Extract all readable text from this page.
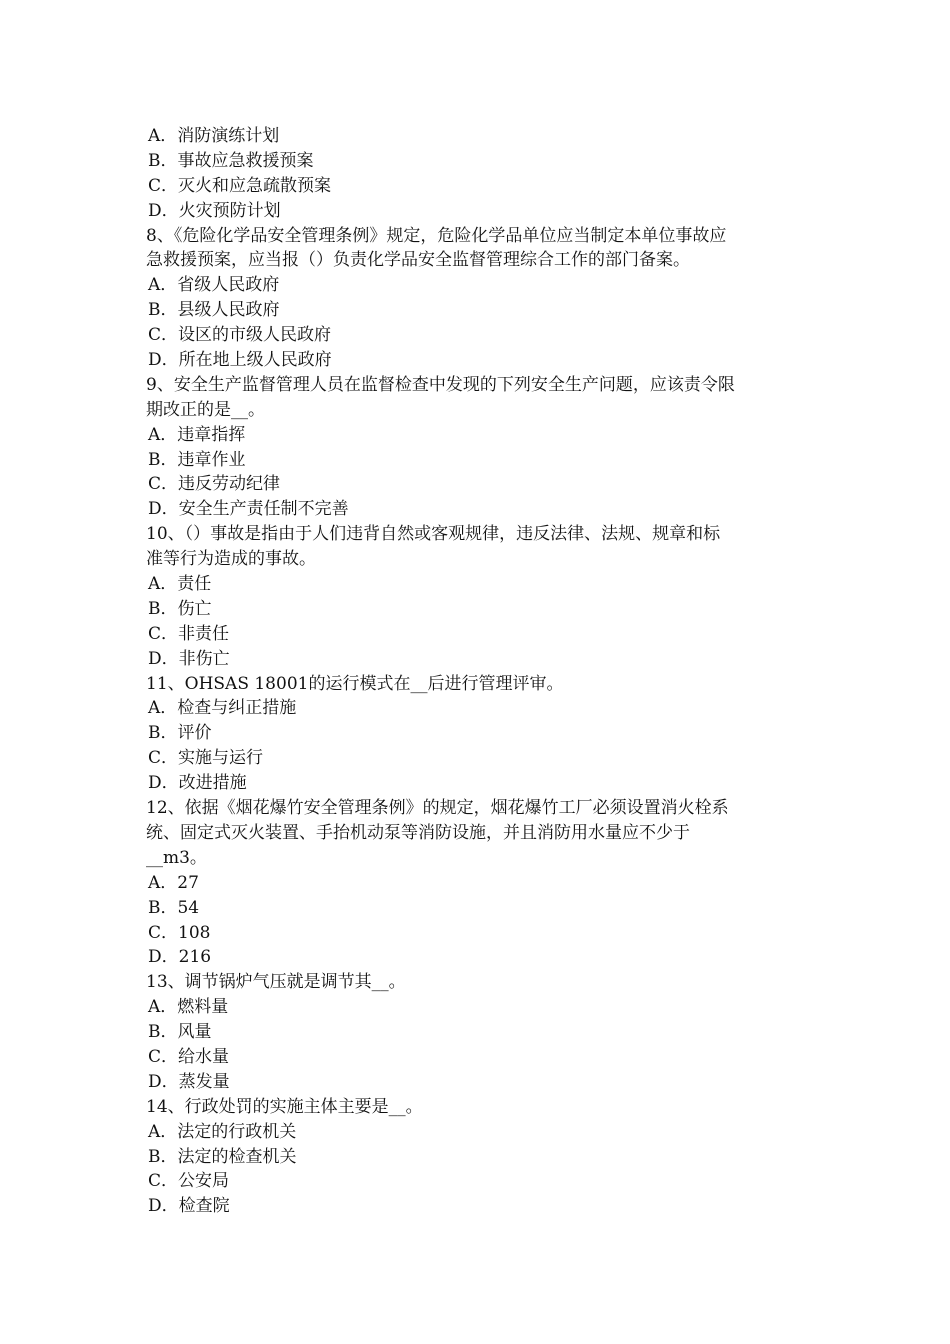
A．消防演练计划
B．事故应急救援预案
C．灭火和应急疏散预案
D．火灾预防计划
8、《危险化学品安全管理条例》规定，危险化学品单位应当制定本单位事故应
急救援预案，应当报（）负责化学品安全监督管理综合工作的部门备案。
A．省级人民政府
B．县级人民政府
C．设区的市级人民政府
D．所在地上级人民政府
9、安全生产监督管理人员在监督检查中发现的下列安全生产问题，应该责令限
期改正的是__。
A．违章指挥
B．违章作业
C．违反劳动纪律
D．安全生产责任制不完善
10、（）事故是指由于人们违背自然或客观规律，违反法律、法规、规章和标
准等行为造成的事故。
A．责任
B．伤亡
C．非责任
D．非伤亡
11、OHSAS 18001的运行模式在__后进行管理评审。
A．检查与纠正措施
B．评价
C．实施与运行
D．改进措施
12、依据《烟花爆竹安全管理条例》的规定，烟花爆竹工厂必须设置消火栓系
统、固定式灭火装置、手抬机动泵等消防设施，并且消防用水量应不少于
__m3。
A．27
B．54
C．108
D．216
13、调节锅炉气压就是调节其__。
A．燃料量
B．风量
C．给水量
D．蒸发量
14、行政处罚的实施主体主要是__。
A．法定的行政机关
B．法定的检查机关
C．公安局
D．检查院
